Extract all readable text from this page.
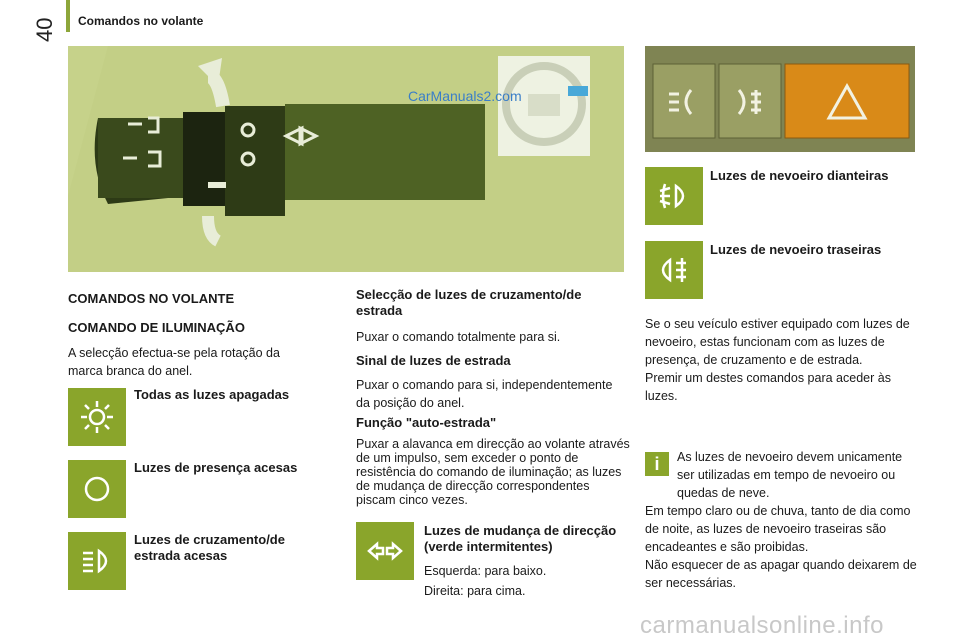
40 Comandos no volante
CarManuals2.com
COMANDOS NO VOLANTE
COMANDO DE ILUMINAÇÃO
A selecção efectua-se pela rotação da marca branca do anel.
Todas as luzes apagadas
Luzes de presença acesas
Luzes de cruzamento/de estrada acesas
Selecção de luzes de cruzamento/de estrada
Puxar o comando totalmente para si.
Sinal de luzes de estrada
Puxar o comando para si, independentemente da posição do anel.
Função "auto-estrada"
Puxar a alavanca em direcção ao volante através de um impulso, sem exceder o ponto de resistência do comando de iluminação; as luzes de mudança de direcção correspondentes piscam cinco vezes.
Luzes de mudança de direcção (verde intermitentes)
Esquerda: para baixo.
Direita: para cima.
Luzes de nevoeiro dianteiras
Luzes de nevoeiro traseiras
Se o seu veículo estiver equipado com luzes de nevoeiro, estas funcionam com as luzes de presença, de cruzamento e de estrada.
Premir um destes comandos para aceder às luzes.
i	As luzes de nevoeiro devem unicamente ser utilizadas em tempo de nevoeiro ou quedas de neve.
Em tempo claro ou de chuva, tanto de dia como de noite, as luzes de nevoeiro traseiras são encadeantes e são proibidas.
Não esquecer de as apagar quando deixarem de ser necessárias.
carmanualsonline.info
